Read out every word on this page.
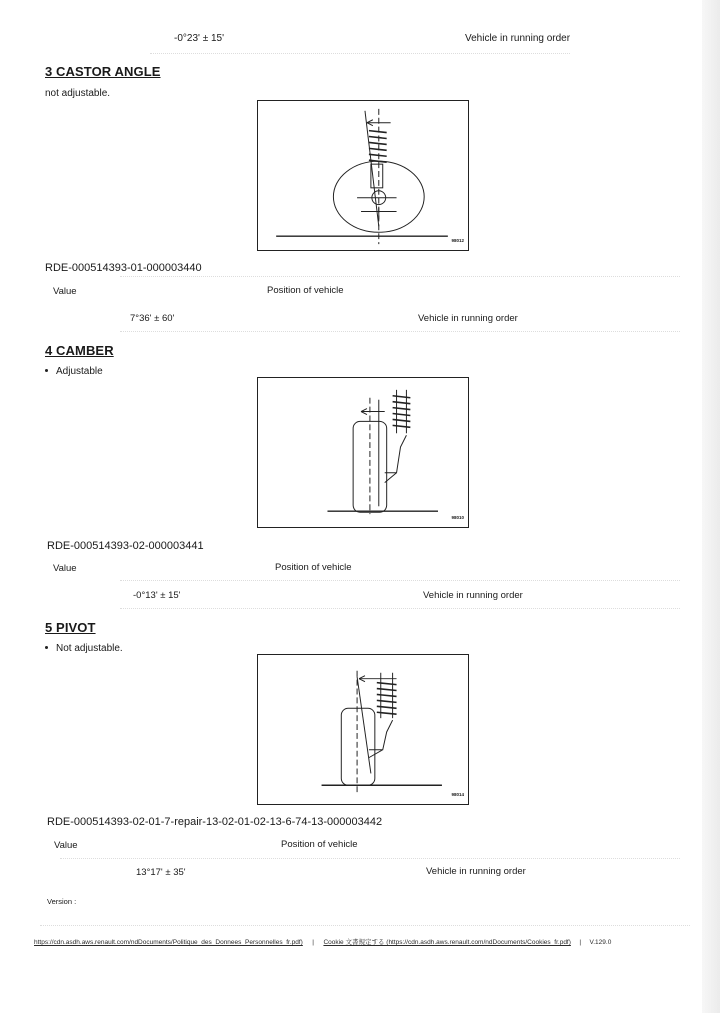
-0°23' ± 15'	Vehicle in running order
3 CASTOR ANGLE
not adjustable.
98012
RDE-000514393-01-000003440
Value	Position of vehicle
7°36' ± 60'	Vehicle in running order
4 CAMBER
Adjustable
98010
RDE-000514393-02-000003441
Value	Position of vehicle
-0°13' ± 15'	Vehicle in running order
5 PIVOT
Not adjustable.
98014
RDE-000514393-02-01-7-repair-13-02-01-02-13-6-74-13-000003442
Value	Position of vehicle
13°17' ± 35'	Vehicle in running order
Version :
https://cdn.asdh.aws.renault.com/ndDocuments/Politique_des_Donnees_Personnelles_fr.pdf) | Cookie 文書規定する (https://cdn.asdh.aws.renault.com/ndDocuments/Cookies_fr.pdf) | V.129.0
